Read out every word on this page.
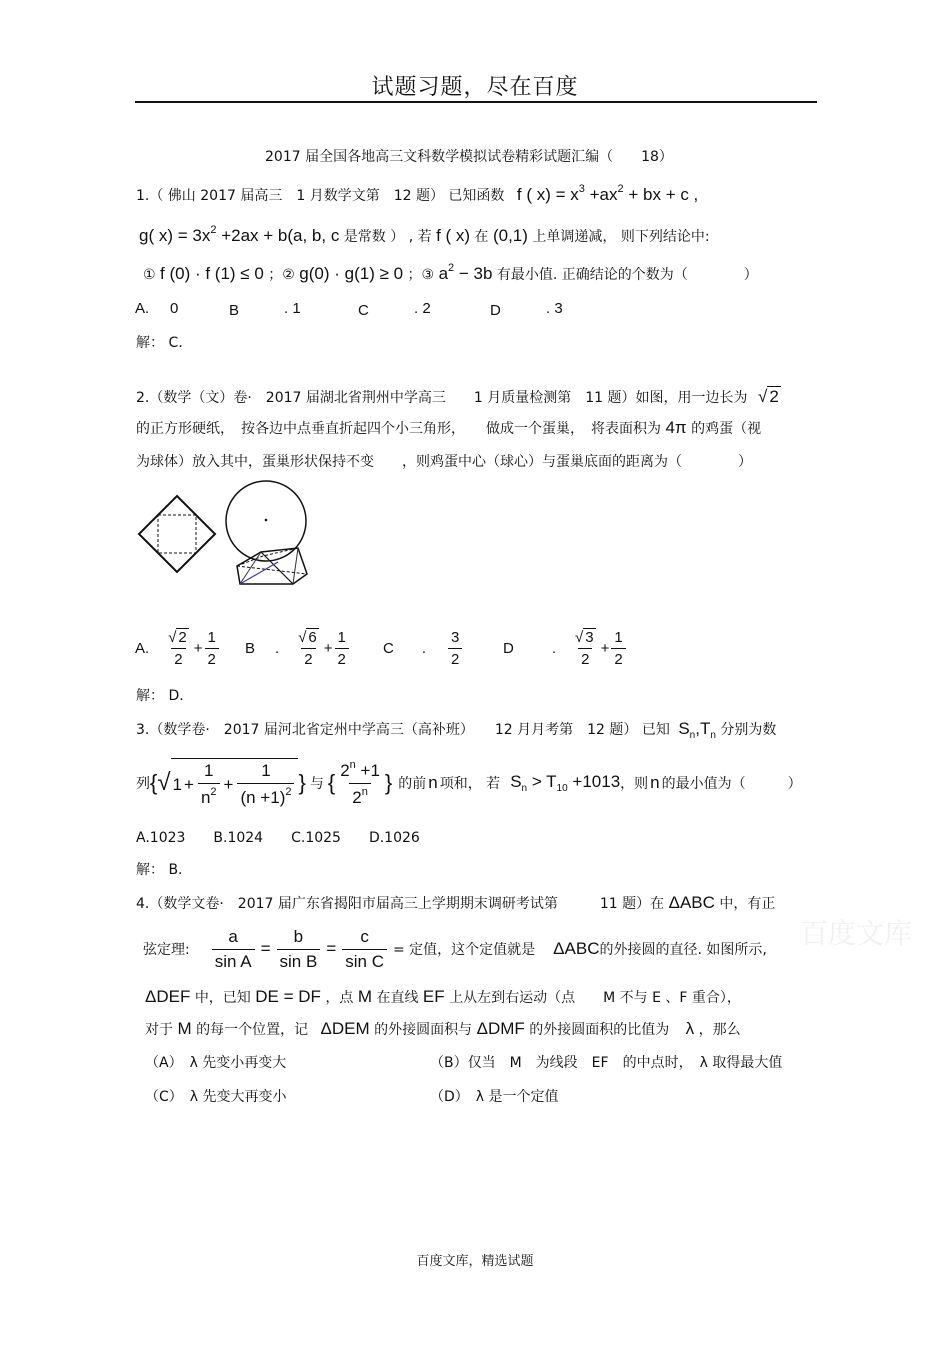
试题习题，尽在百度
2017 届全国各地高三文科数学模拟试卷精彩试题汇编（　　18）
1.（ 佛山 2017 届高三　1 月数学文第　12 题） 已知函数 f ( $x) = x^3 +ax^2$ + bx + c ,
g( $x) = 3x^2 +2ax + b(a$, b, c 是常数 ） , 若 f ( x) 在 (0,1) 上单调递减， 则下列结论中:
① f (0) · f (1) ≤ 0 ；② g(0) · g(1) ≥ 0 ；③ $a^2 - 3b$ 有最小值. 正确结论的个数为（　　　　）
A. 0	B	. 1	C	. 2	D	. 3
解： C.
2.（数学（文）卷·　2017 届湖北省荆州中学高三　　1 月质量检测第　11 题）如图，用一边长为 √ 2
的正方形硬纸，　按各边中点垂直折起四个小三角形，　　做成一个蛋巢，　将表面积为 4π 的鸡蛋（视
为球体）放入其中，蛋巢形状保持不变　　，则鸡蛋中心（球心）与蛋巢底面的距离为（　　　　）
A. $\frac{√ 2}{2} + \frac{1}{2}$ B . $\frac{√ 6}{2} + \frac{1}{2}$ C . $\frac{3}{2}$	D	. $\frac{√ 3}{2} + \frac{1}{2}$
解： D.
3.（数学卷·　2017 届河北省定州中学高三（高补班）　　12 月月考第　12 题） 已知 $S_n,T_n$ 分别为数
列 { √ $1 + \frac{1}{n^2} + \frac{1}{(n +1)^2}$ } 与 { $\frac{2^n +1}{2^n}$ } 的前 n 项和， 若 $S_n > T_{10} +1013$ ，则 n 的最小值为（　　　）
A.1023　　B.1024　　C.1025　　D.1026
解： B.
4.（数学文卷·　2017 届广东省揭阳市届高三上学期期末调研考试第　　　11 题）在 ΔABC 中，有正
弦定理: $\frac{a}{\text{sin A}} = \frac{b}{\text{sin B}} = \frac{c}{\text{sin C}}$ = 定值，这个定值就是 ΔABC 的外接圆的直径. 如图所示,
ΔDEF 中，已知 DE = DF ，点 M 在直线 EF 上从左到右运动（点　　M 不与 E 、F 重合），
对于 M 的每一个位置，记 ΔDEM 的外接圆面积与 ΔDMF 的外接圆面积的比值为 λ ，那么
（A）　λ 先变小再变大	（B）仅当　M　为线段　EF　的中点时，　λ 取得最大值
（C）　λ 先变大再变小	（D）　λ 是一个定值
百度文库
百度文库，精选试题
